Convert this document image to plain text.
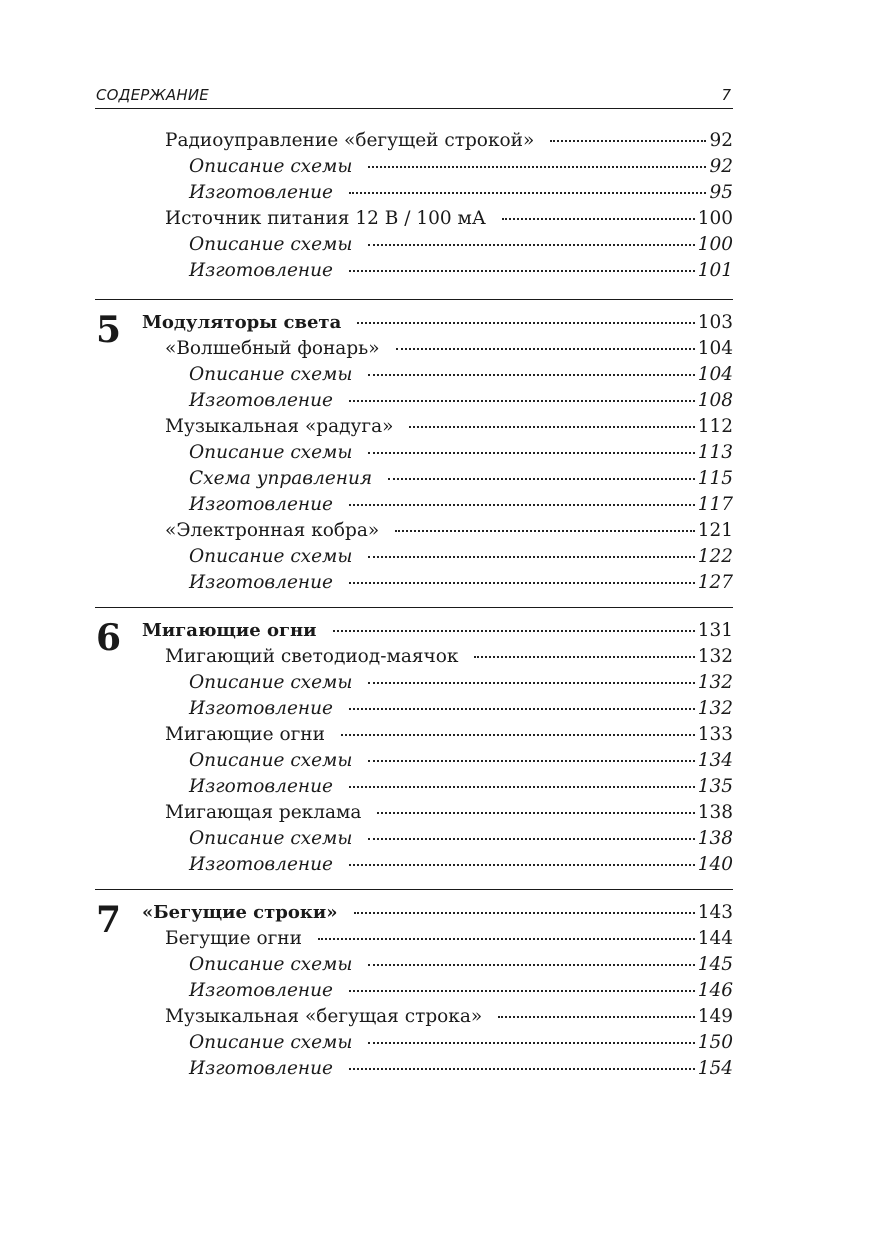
СОДЕРЖАНИЕ	7
Радиоуправление «бегущей строкой»	92
Описание схемы	92
Изготовление	95
Источник питания 12 В / 100 мА	100
Описание схемы	100
Изготовление	101
5 Модуляторы света	103
«Волшебный фонарь»	104
Описание схемы	104
Изготовление	108
Музыкальная «радуга»	112
Описание схемы	113
Схема управления	115
Изготовление	117
«Электронная кобра»	121
Описание схемы	122
Изготовление	127
6 Мигающие огни	131
Мигающий светодиод-маячок	132
Описание схемы	132
Изготовление	132
Мигающие огни	133
Описание схемы	134
Изготовление	135
Мигающая реклама	138
Описание схемы	138
Изготовление	140
7 «Бегущие строки»	143
Бегущие огни	144
Описание схемы	145
Изготовление	146
Музыкальная «бегущая строка»	149
Описание схемы	150
Изготовление	154
